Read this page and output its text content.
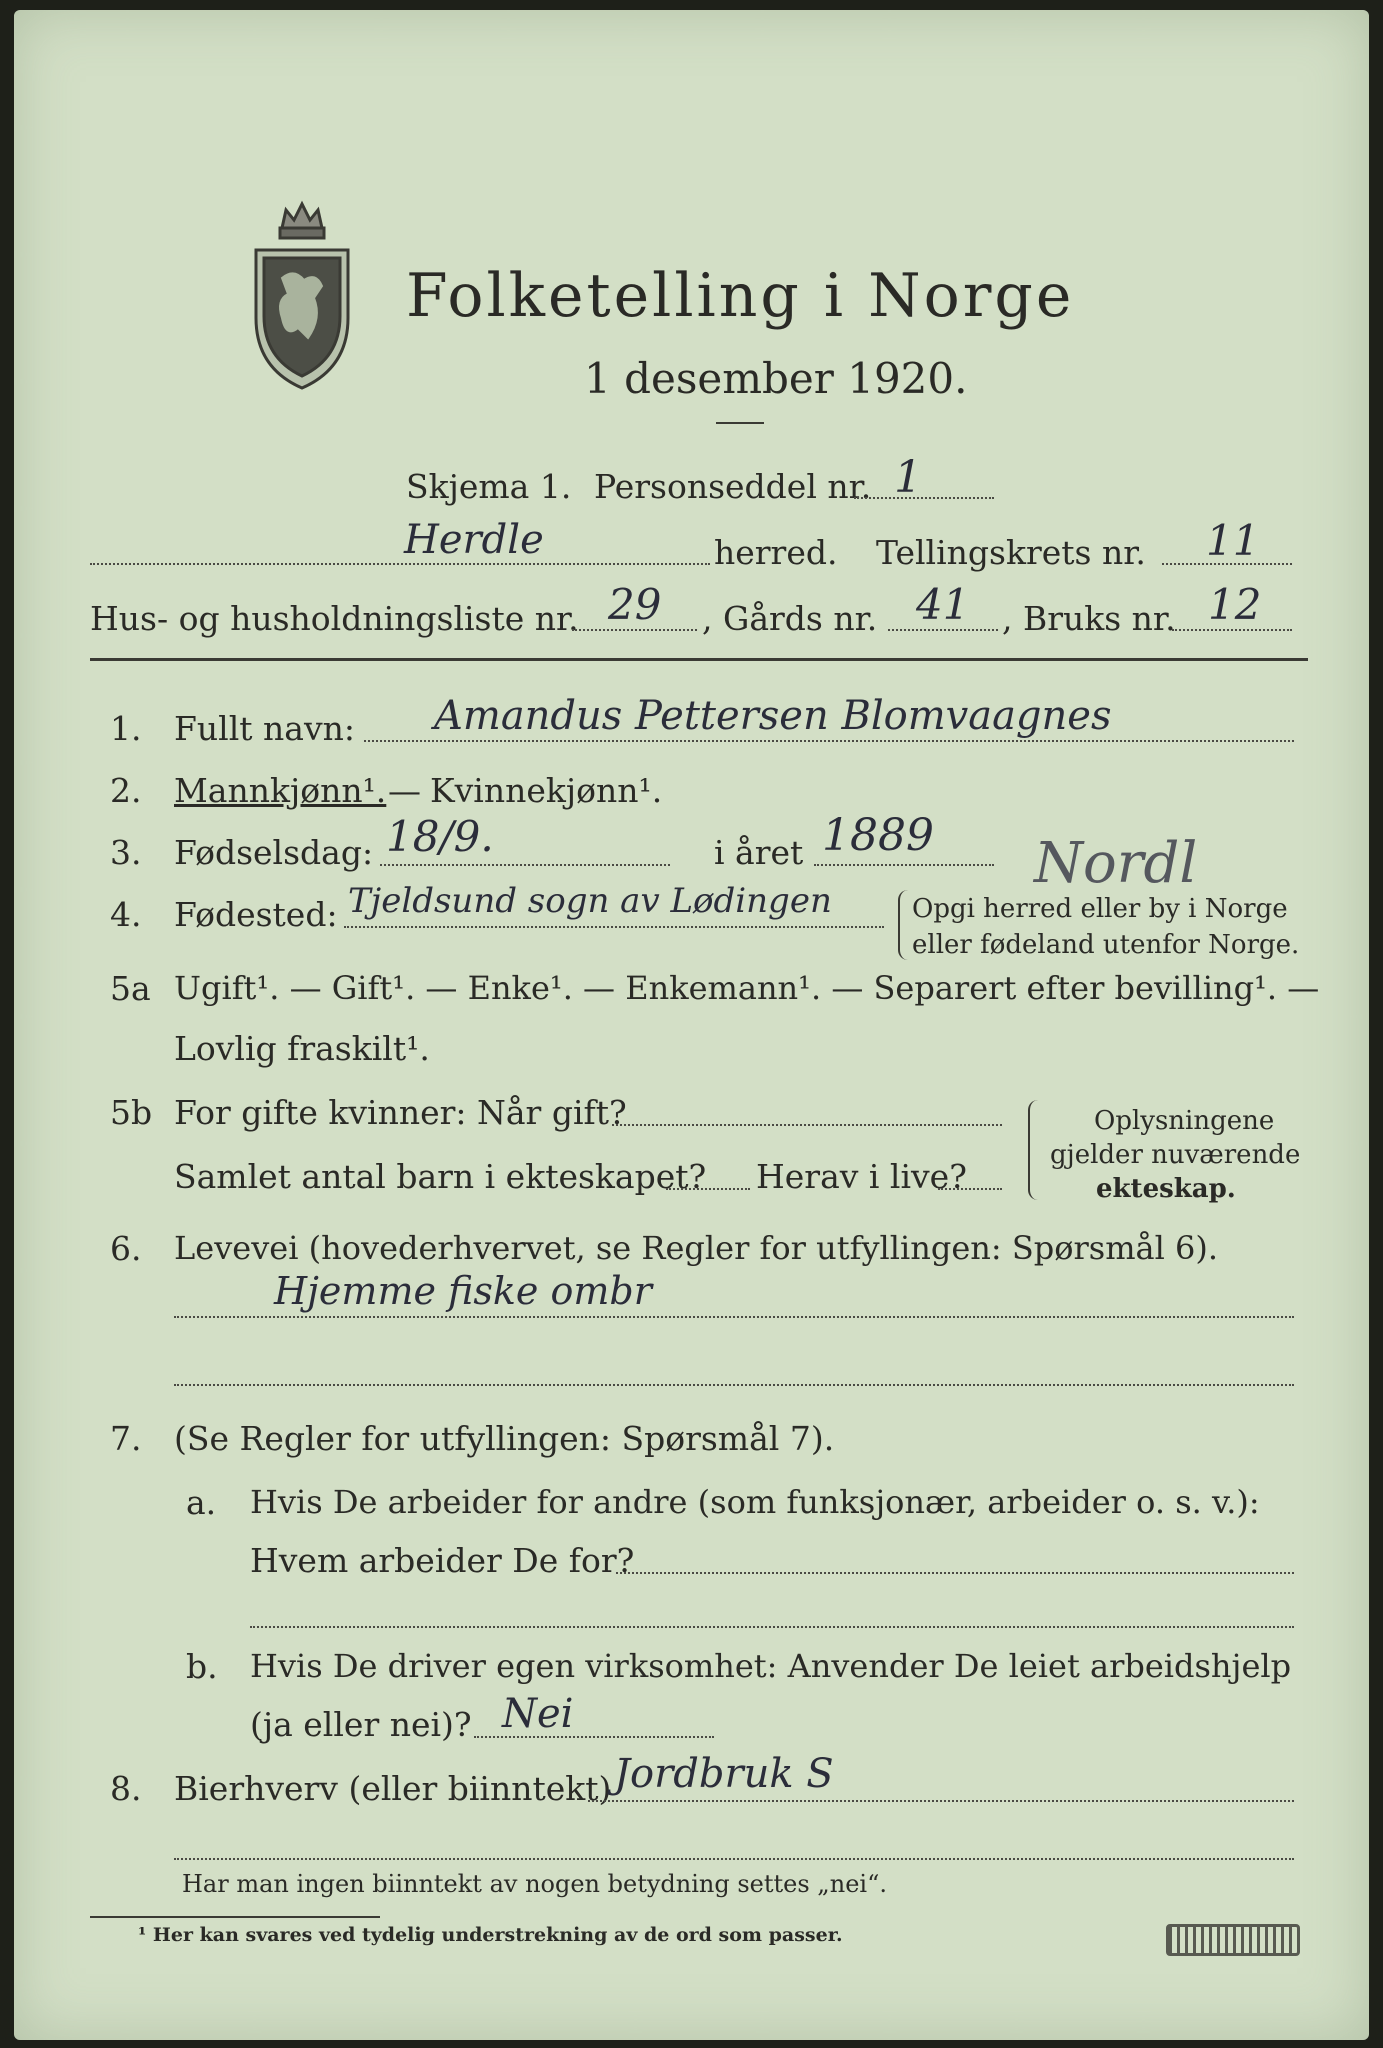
Folketelling i Norge
1 desember 1920.
Skjema 1. Personseddel nr. 1
Herdle	herred. Tellingskrets nr. 11
Hus- og husholdningsliste nr. 29 , Gårds nr. 41 , Bruks nr. 12
1. Fullt navn: Amandus Pettersen Blomvaagnes
2. Mannkjønn¹. — Kvinnekjønn¹.
3. Fødselsdag: 18/9.	i året 1889 Nordl
4. Fødested: Tjeldsund sogn av Lødingen	Opgi herred eller by i Norge
eller fødeland utenfor Norge.
5a Ugift¹. — Gift¹. — Enke¹. — Enkemann¹. — Separert efter bevilling¹. —
Lovlig fraskilt¹.
5b For gifte kvinner: Når gift?
Samlet antal barn i ekteskapet? Herav i live?
Oplysningene
gjelder nuværende
ekteskap.
6. Levevei (hovederhvervet, se Regler for utfyllingen: Spørsmål 6).
Hjemme fiske ombr
7. (Se Regler for utfyllingen: Spørsmål 7).
a. Hvis De arbeider for andre (som funksjonær, arbeider o. s. v.):
Hvem arbeider De for?
b. Hvis De driver egen virksomhet: Anvender De leiet arbeidshjelp
(ja eller nei)? Nei
8. Bierhverv (eller biinntekt) Jordbruk S
Har man ingen biinntekt av nogen betydning settes „nei“.
¹ Her kan svares ved tydelig understrekning av de ord som passer.
